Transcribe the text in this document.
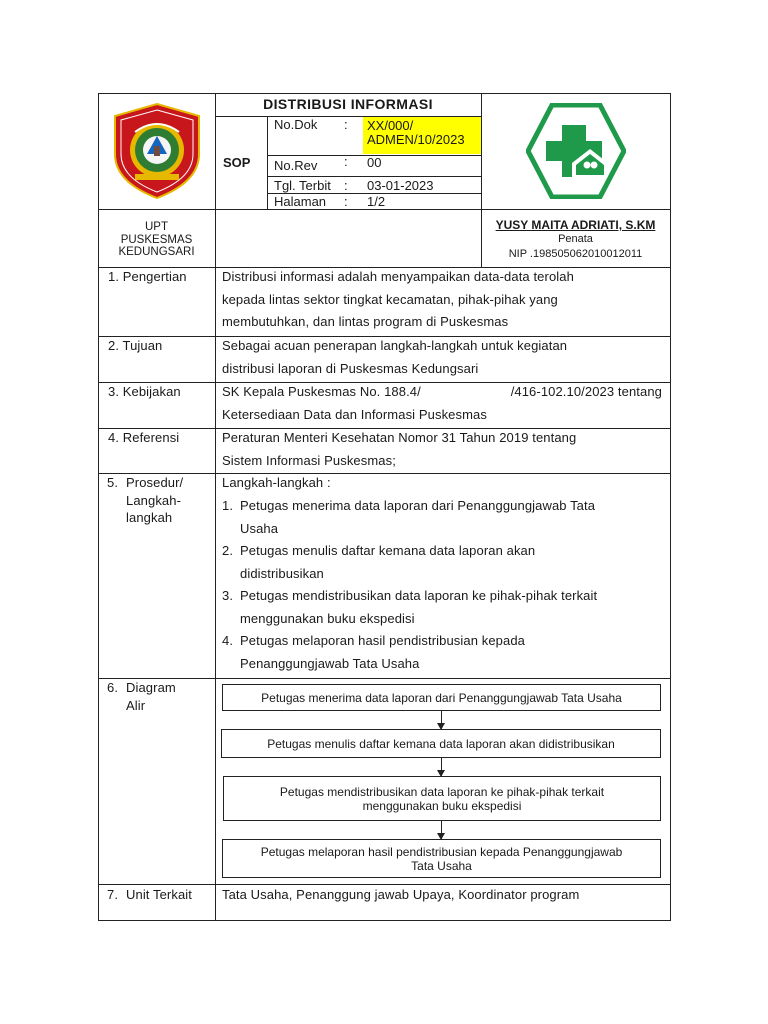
DISTRIBUSI INFORMASI
SOP
No.Dok : XX/000/
ADMEN/10/2023
No.Rev : 00
Tgl. Terbit : 03-01-2023
Halaman : 1/2
UPT
PUSKESMAS
KEDUNGSARI
YUSY MAITA ADRIATI, S.KM
Penata
NIP .198505062010012011
1. Pengertian	Distribusi informasi adalah menyampaikan data-data terolah
kepada lintas sektor tingkat kecamatan, pihak-pihak yang
membutuhkan, dan lintas program di Puskesmas
2. Tujuan	Sebagai acuan penerapan langkah-langkah untuk kegiatan
distribusi laporan di Puskesmas Kedungsari
3. Kebijakan	SK Kepala Puskesmas No. 188.4/	/416-102.10/2023 tentang
Ketersediaan Data dan Informasi Puskesmas
4. Referensi	Peraturan Menteri Kesehatan Nomor 31 Tahun 2019 tentang
Sistem Informasi Puskesmas;
5. Prosedur/
Langkah-
langkah
Langkah-langkah :
1. Petugas menerima data laporan dari Penanggungjawab Tata
Usaha
2. Petugas menulis daftar kemana data laporan akan
didistribusikan
3. Petugas mendistribusikan data laporan ke pihak-pihak terkait
menggunakan buku ekspedisi
4. Petugas melaporan hasil pendistribusian kepada
Penanggungjawab Tata Usaha
6. Diagram
Alir	Petugas menerima data laporan dari Penanggungjawab Tata Usaha
Petugas menulis daftar kemana data laporan akan didistribusikan
Petugas mendistribusikan data laporan ke pihak-pihak terkait
menggunakan buku ekspedisi
Petugas melaporan hasil pendistribusian kepada Penanggungjawab
Tata Usaha
7. Unit Terkait Tata Usaha, Penanggung jawab Upaya, Koordinator program
